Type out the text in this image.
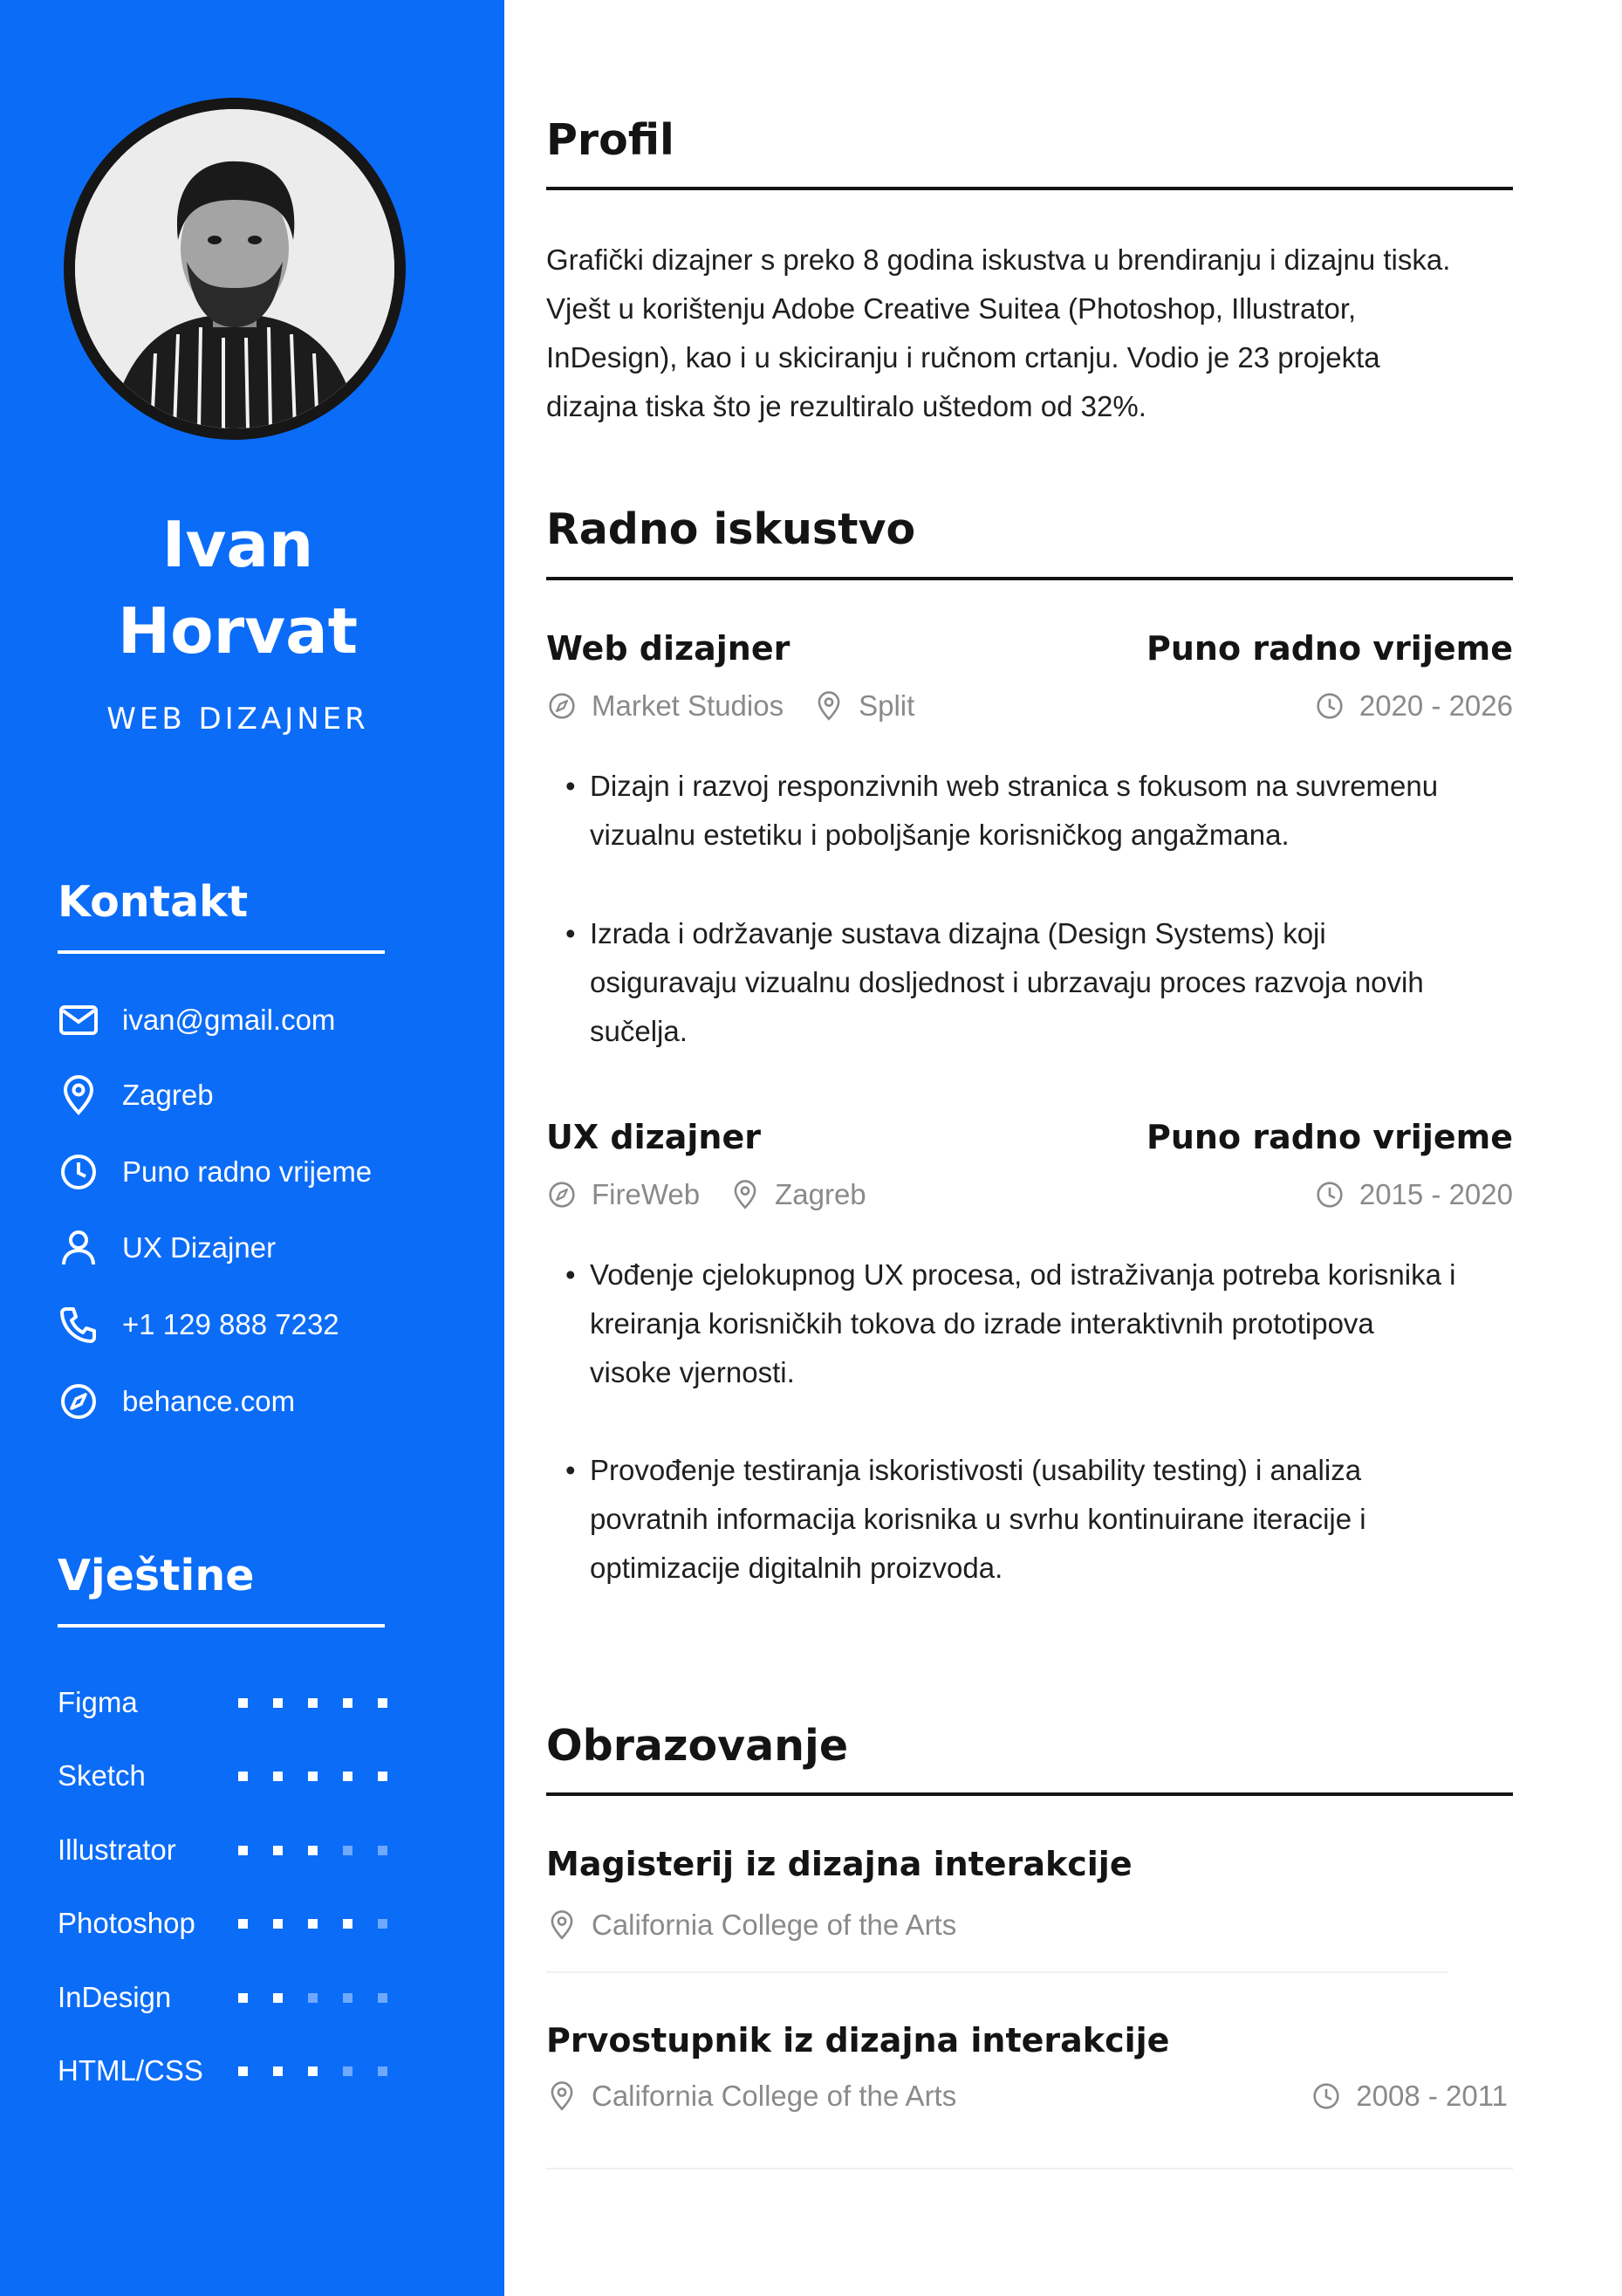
Ivan
Horvat
WEB DIZAJNER
Kontakt
ivan@gmail.com
Zagreb
Puno radno vrijeme
UX Dizajner
+1 129 888 7232
behance.com
Vještine
Figma
Sketch
Illustrator
Photoshop
InDesign
HTML/CSS
Profil
Grafički dizajner s preko 8 godina iskustva u brendiranju i dizajnu tiska.
Vješt u korištenju Adobe Creative Suitea (Photoshop, Illustrator,
InDesign), kao i u skiciranju i ručnom crtanju. Vodio je 23 projekta
dizajna tiska što je rezultiralo uštedom od 32%.
Radno iskustvo
Web dizajner	Puno radno vrijeme
Market Studios	Split	2020 - 2026
• Dizajn i razvoj responzivnih web stranica s fokusom na suvremenu
vizualnu estetiku i poboljšanje korisničkog angažmana.
• Izrada i održavanje sustava dizajna (Design Systems) koji
osiguravaju vizualnu dosljednost i ubrzavaju proces razvoja novih
sučelja.
UX dizajner	Puno radno vrijeme
FireWeb	Zagreb	2015 - 2020
• Vođenje cjelokupnog UX procesa, od istraživanja potreba korisnika i
kreiranja korisničkih tokova do izrade interaktivnih prototipova
visoke vjernosti.
• Provođenje testiranja iskoristivosti (usability testing) i analiza
povratnih informacija korisnika u svrhu kontinuirane iteracije i
optimizacije digitalnih proizvoda.
Obrazovanje
Magisterij iz dizajna interakcije
California College of the Arts
Prvostupnik iz dizajna interakcije
California College of the Arts	2008 - 2011
